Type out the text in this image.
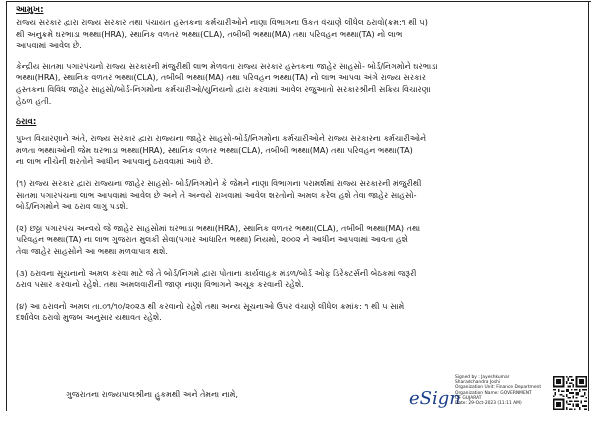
આમુખ:

રાજ્ય સરકાર દ્વારા રાજ્ય સરકાર તથા પંચાયત હસ્તકના કર્મચારીઓને નાણા વિભાગના ઉકત વંચાણે લીધેલ ઠરાવો(ક્રમ:૧ થી ૫)
થી અનુક્રમે ઘરભાડા ભથ્થા(HRA), સ્થાનિક વળતર ભથ્થા(CLA), તબીબી ભથ્થા(MA) તથા પરિવહન ભથ્થા(TA) નો લાભ
આપવામાં આવેલ છે.

કેન્દ્રીય સાતમા પગારપંચનો રાજ્ય સરકારની મંજુરીથી લાભ મેળવતા રાજ્ય સરકાર હસ્તકના જાહેર સાહસો- બોર્ડ/નિગમોને ઘરભાડા
ભથ્થા(HRA), સ્થાનિક વળતર ભથ્થા(CLA), તબીબી ભથ્થા(MA) તથા પરિવહન ભથ્થા(TA) નો લાભ આપવા અંગે રાજ્ય સરકાર
હસ્તકના વિવિધ જાહેર સાહસો/બોર્ડ-નિગમોના કર્મચારીઓ/યુનિયનો દ્વારા કરવામાં આવેલ રજુઆતો સરકારશ્રીની સક્રિય વિચારણા
હેઠળ હતી.

ઠરાવ:

પુખ્ત વિચારણાને અંતે, રાજ્ય સરકાર દ્વારા રાજ્યના જાહેર સાહસો-બોર્ડ/નિગમોના કર્મચારીઓને રાજ્ય સરકારના કર્મચારીઓને
મળતા ભથ્થાઓની જેમ ઘરભાડા ભથ્થા(HRA), સ્થાનિક વળતર ભથ્થા(CLA), તબીબી ભથ્થા(MA) તથા પરિવહન ભથ્થા(TA)
ના લાભ નીચેની શરતોને આધીન આપવાનું ઠરાવવામાં આવે છે.

(૧) રાજ્ય સરકાર દ્વારા રાજ્યના જાહેર સાહસો- બોર્ડ/નિગમોને કે જેમને નાણા વિભાગના પરામર્શમાં રાજ્ય સરકારની મંજુરીથી
સાતમા પગારપંચના લાભ આપવામાં આવેલ છે અને તે અન્વયે રાખવામાં આવેલ શરતોનો અમલ કરેલ હશે તેવા જાહેર સાહસો-
બોર્ડ/નિગમોને આ ઠરાવ લાગુ પડશે.

(૨) છઠ્ઠા પગારપંચ અન્વયે જે જાહેર સાહસોમાં ઘરભાડા ભથ્થા(HRA), સ્થાનિક વળતર ભથ્થા(CLA), તબીબી ભથ્થા(MA) તથા
પરિવહન ભથ્થા(TA) ના લાભ ગુજરાત મુલકી સેવા(પગાર આધારિત ભથ્થા) નિયમો, ૨૦૦૨ ને આધીન આપવામાં આવતા હશે
તેવા જાહેર સાહસોને આ ભથ્થા મળવાપાત્ર થશે.

(૩) ઠરાવના સૂચનાનો અમલ કરવા માટે જે તે બોર્ડ/નિગમે દ્વારા પોતાના કાર્યવાહક મંડળ/બોર્ડ ઓફ ડિરેક્ટર્સની બેઠકમાં જરૂરી
ઠરાવ પસાર કરવાનો રહેશે. તથા અમલવારીની જાણ નાણા વિભાગને અચૂક કરવાની રહેશે.

(૪) આ ઠરાવનો અમલ તા.૦૧/૧૦/૨૦૨૩ થી કરવાનો રહેશે તથા અન્ય સૂચનાઓ ઉપર વંચાણે લીધેલ ક્રમાંક: ૧ થી ૫ સામે
દર્શાવેલ ઠરાવો મુજબ અનુસાર યથાવત રહેશે.

ગુજરાતના રાજ્યપાલશ્રીના હુકમથી અને તેમના નામે,	eSign
Signed by : Jayeshkumar
Sharadchandra Joshi
Organization Unit: Finance Department
Organization Name: GOVERNMENT
OF GUJARAT
Date: 29-Oct-2023 (11:11 AM)
